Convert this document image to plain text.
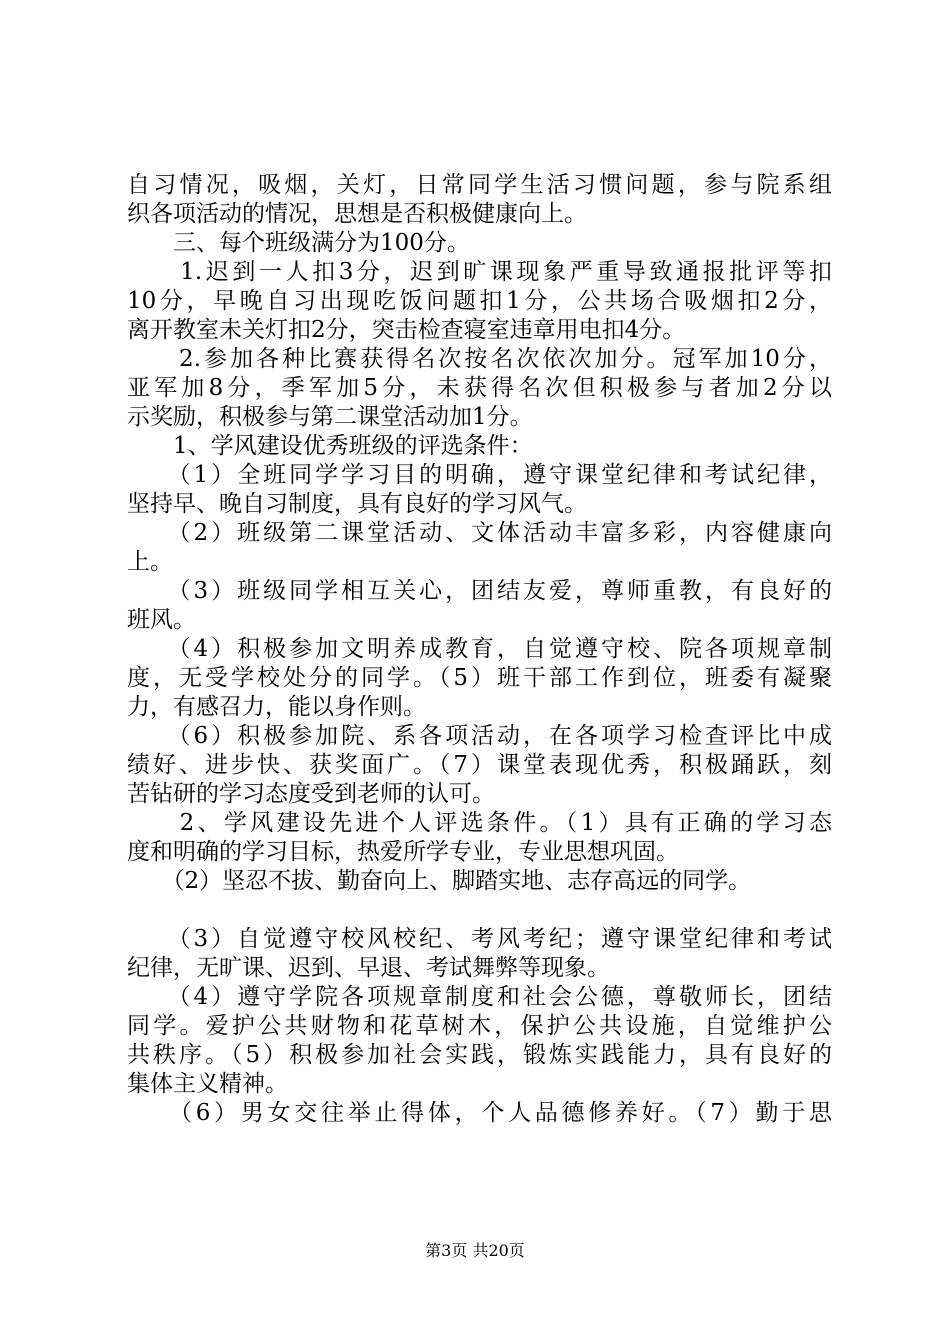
自习情况，吸烟，关灯，日常同学生活习惯问题，参与院系组
织各项活动的情况，思想是否积极健康向上。
　　三、每个班级满分为100分。
　　1.迟到一人扣3分，迟到旷课现象严重导致通报批评等扣
10分，早晚自习出现吃饭问题扣1分，公共场合吸烟扣2分，
离开教室未关灯扣2分，突击检查寝室违章用电扣4分。
　　2.参加各种比赛获得名次按名次依次加分。冠军加10分，
亚军加8分，季军加5分，未获得名次但积极参与者加2分以
示奖励，积极参与第二课堂活动加1分。
　　1、学风建设优秀班级的评选条件：
　　（1）全班同学学习目的明确，遵守课堂纪律和考试纪律，
坚持早、晚自习制度，具有良好的学习风气。
　　（2）班级第二课堂活动、文体活动丰富多彩，内容健康向
上。
　　（3）班级同学相互关心，团结友爱，尊师重教，有良好的
班风。
　　（4）积极参加文明养成教育，自觉遵守校、院各项规章制
度，无受学校处分的同学。（5）班干部工作到位，班委有凝聚
力，有感召力，能以身作则。
　　（6）积极参加院、系各项活动，在各项学习检查评比中成
绩好、进步快、获奖面广。（7）课堂表现优秀，积极踊跃，刻
苦钻研的学习态度受到老师的认可。
　　2、学风建设先进个人评选条件。（1）具有正确的学习态
度和明确的学习目标，热爱所学专业，专业思想巩固。
　　（2）坚忍不拔、勤奋向上、脚踏实地、志存高远的同学。
　　（3）自觉遵守校风校纪、考风考纪；遵守课堂纪律和考试
纪律，无旷课、迟到、早退、考试舞弊等现象。
　　（4）遵守学院各项规章制度和社会公德，尊敬师长，团结
同学。爱护公共财物和花草树木，保护公共设施，自觉维护公
共秩序。（5）积极参加社会实践，锻炼实践能力，具有良好的
集体主义精神。
　　（6）男女交往举止得体，个人品德修养好。（7）勤于思
第3页 共20页
